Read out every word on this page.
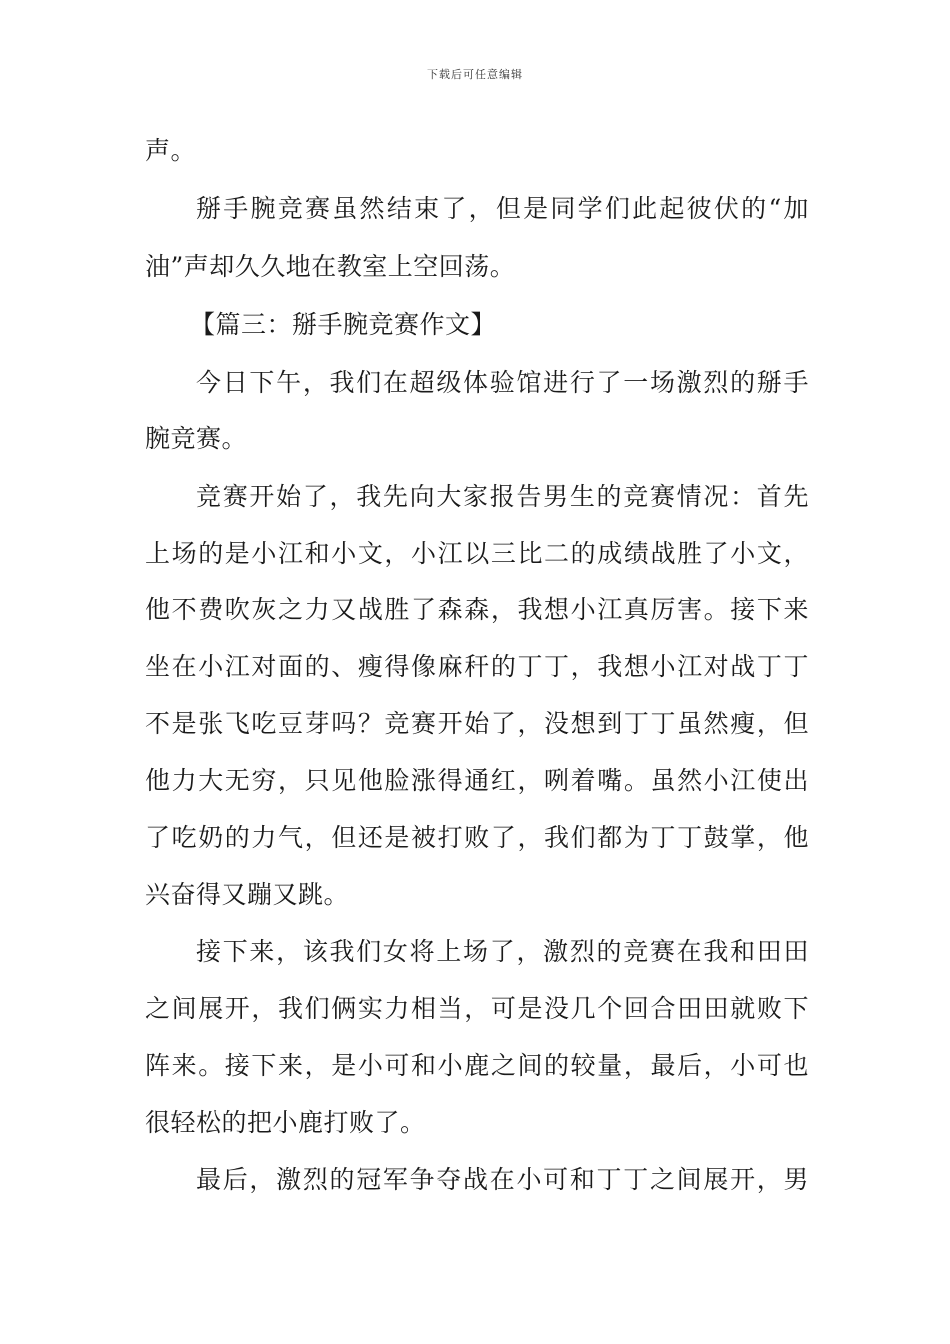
下载后可任意编辑
声。
掰手腕竞赛虽然结束了，但是同学们此起彼伏的“加
油”声却久久地在教室上空回荡。
【篇三：掰手腕竞赛作文】
今日下午，我们在超级体验馆进行了一场激烈的掰手
腕竞赛。
竞赛开始了，我先向大家报告男生的竞赛情况：首先
上场的是小江和小文，小江以三比二的成绩战胜了小文，
他不费吹灰之力又战胜了森森，我想小江真厉害。接下来
坐在小江对面的、瘦得像麻秆的丁丁，我想小江对战丁丁
不是张飞吃豆芽吗？竞赛开始了，没想到丁丁虽然瘦，但
他力大无穷，只见他脸涨得通红，咧着嘴。虽然小江使出
了吃奶的力气，但还是被打败了，我们都为丁丁鼓掌，他
兴奋得又蹦又跳。
接下来，该我们女将上场了，激烈的竞赛在我和田田
之间展开，我们俩实力相当，可是没几个回合田田就败下
阵来。接下来，是小可和小鹿之间的较量，最后，小可也
很轻松的把小鹿打败了。
最后，激烈的冠军争夺战在小可和丁丁之间展开，男
